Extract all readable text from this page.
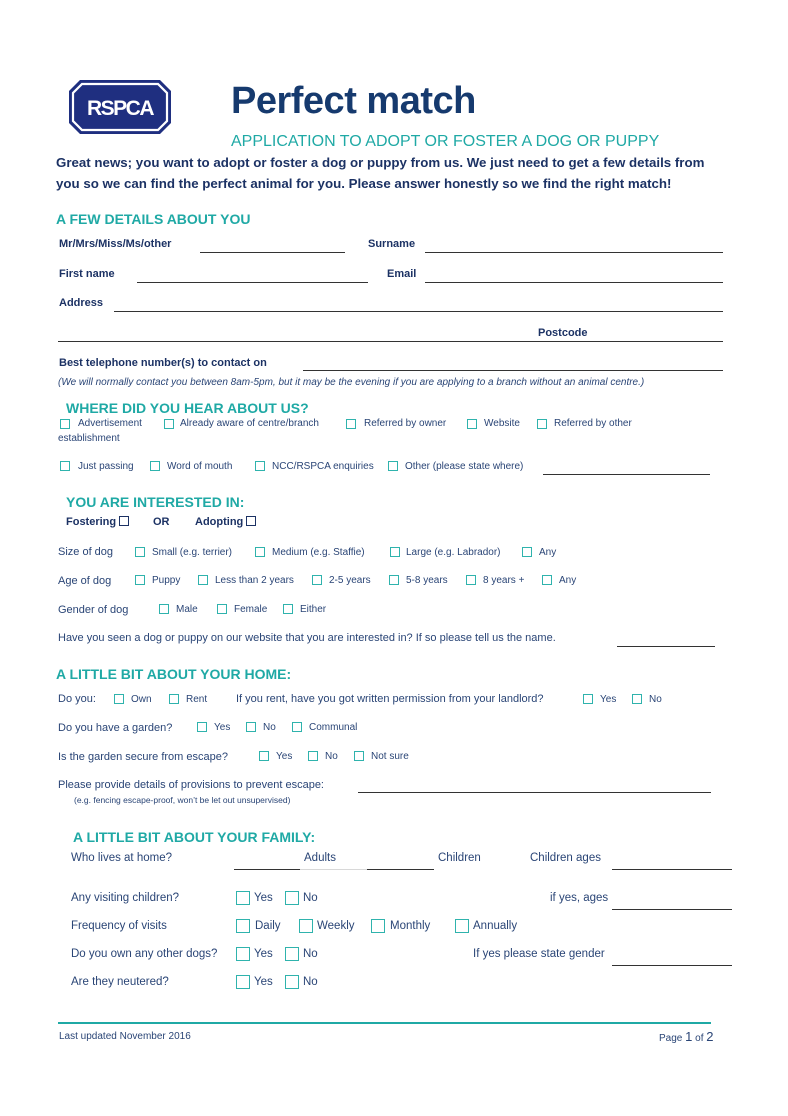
RSPCA Perfect match
APPLICATION TO ADOPT OR FOSTER A DOG OR PUPPY
Great news; you want to adopt or foster a dog or puppy from us. We just need to get a few details from
you so we can find the perfect animal for you. Please answer honestly so we find the right match!
A FEW DETAILS ABOUT YOU
Mr/Mrs/Miss/Ms/other	Surname
First name	Email
Address
Postcode
Best telephone number(s) to contact on
(We will normally contact you between 8am-5pm, but it may be the evening if you are applying to a branch without an animal centre.)
WHERE DID YOU HEAR ABOUT US?
Advertisement	Already aware of centre/branch	Referred by owner	Website	Referred by other
establishment
Just passing	Word of mouth	NCC/RSPCA enquiries	Other (please state where)
YOU ARE INTERESTED IN:
Fostering	OR Adopting
Size of dog	Small (e.g. terrier)	Medium (e.g. Staffie)	Large (e.g. Labrador)	Any
Age of dog	Puppy	Less than 2 years	2-5 years	5-8 years	8 years +	Any
Gender of dog	Male	Female	Either
Have you seen a dog or puppy on our website that you are interested in? If so please tell us the name.
A LITTLE BIT ABOUT YOUR HOME:
Do you:	Own	Rent	If you rent, have you got written permission from your landlord?	Yes	No
Do you have a garden?	Yes	No	Communal
Is the garden secure from escape?	Yes	No	Not sure
Please provide details of provisions to prevent escape:
(e.g. fencing escape-proof, won’t be let out unsupervised)
A LITTLE BIT ABOUT YOUR FAMILY:
Who lives at home?	Adults	Children	Children ages
Any visiting children?	Yes	No	if yes, ages
Frequency of visits	Daily	Weekly	Monthly	Annually
Do you own any other dogs?	Yes	No	If yes please state gender
Are they neutered?	Yes	No
Last updated November 2016	Page 1 of 2
